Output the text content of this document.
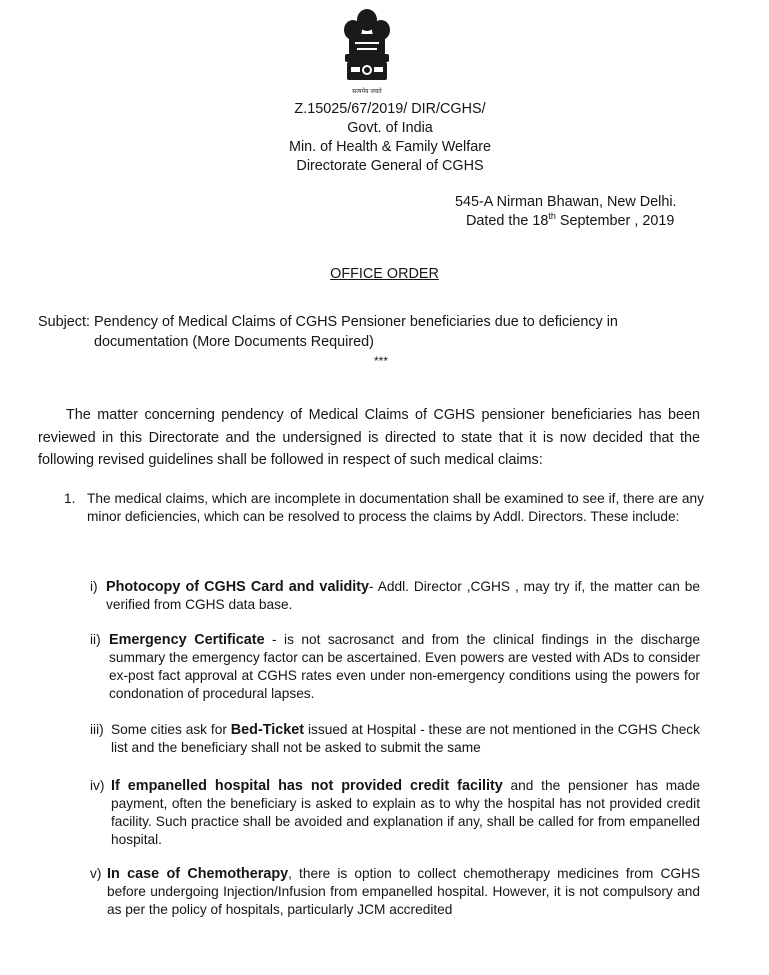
सत्यमेव जयते
Z.15025/67/2019/ DIR/CGHS/
Govt. of India
Min. of Health & Family Welfare
Directorate General of CGHS
545-A Nirman Bhawan, New Delhi.
Dated the 18th September , 2019
OFFICE ORDER
Subject: Pendency of Medical Claims of CGHS Pensioner beneficiaries due to deficiency in
documentation (More Documents Required)
***
The matter concerning pendency of Medical Claims of CGHS pensioner beneficiaries has been reviewed in this Directorate and the undersigned is directed to state that it is now decided that the following revised guidelines shall be followed in respect of such medical claims:
1. The medical claims, which are incomplete in documentation shall be examined to see if, there are any minor deficiencies, which can be resolved to process the claims by Addl. Directors. These include:
i) Photocopy of CGHS Card and validity- Addl. Director ,CGHS , may try if, the matter can be verified from CGHS data base.
ii) Emergency Certificate - is not sacrosanct and from the clinical findings in the discharge summary the emergency factor can be ascertained. Even powers are vested with ADs to consider ex-post fact approval at CGHS rates even under non-emergency conditions using the powers for condonation of procedural lapses.
iii) Some cities ask for Bed-Ticket issued at Hospital - these are not mentioned in the CGHS Check list and the beneficiary shall not be asked to submit the same
iv) If empanelled hospital has not provided credit facility and the pensioner has made payment, often the beneficiary is asked to explain as to why the hospital has not provided credit facility. Such practice shall be avoided and explanation if any, shall be called for from empanelled hospital.
v) In case of Chemotherapy, there is option to collect chemotherapy medicines from CGHS before undergoing Injection/Infusion from empanelled hospital. However, it is not compulsory and as per the policy of hospitals, particularly JCM accredited
